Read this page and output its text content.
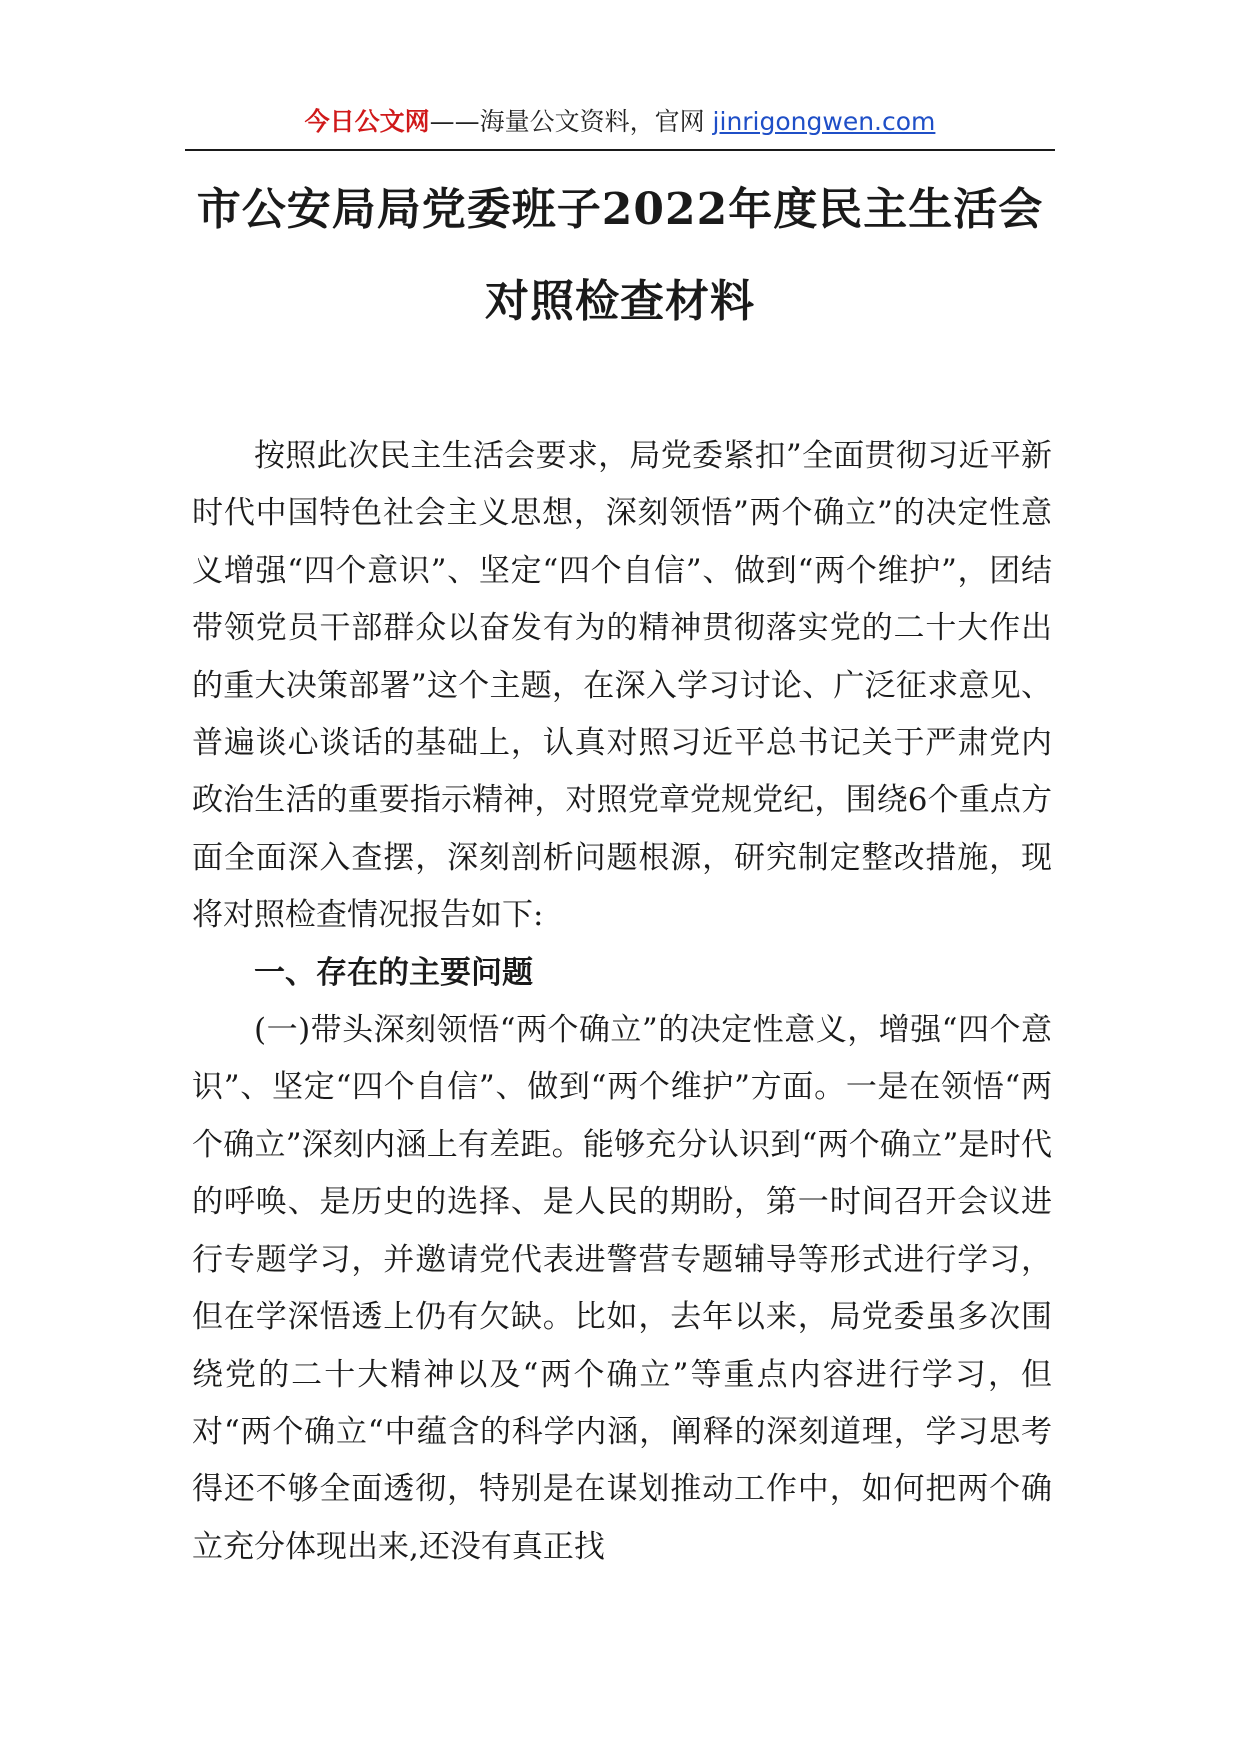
今日公文网——海量公文资料，官网 jinrigongwen.com
市公安局局党委班子2022年度民主生活会
对照检查材料

按照此次民主生活会要求，局党委紧扣”全面贯彻习近平新时代中国特色社会主义思想，深刻领悟”两个确立”的决定性意义增强“四个意识”、坚定“四个自信”、做到“两个维护”，团结带领党员干部群众以奋发有为的精神贯彻落实党的二十大作出的重大决策部署”这个主题，在深入学习讨论、广泛征求意见、普遍谈心谈话的基础上，认真对照习近平总书记关于严肃党内政治生活的重要指示精神，对照党章党规党纪，围绕6个重点方面全面深入查摆，深刻剖析问题根源，研究制定整改措施，现将对照检查情况报告如下:

一、存在的主要问题

(一)带头深刻领悟“两个确立”的决定性意义，增强“四个意识”、坚定“四个自信”、做到“两个维护”方面。一是在领悟“两个确立”深刻内涵上有差距。能够充分认识到“两个确立”是时代的呼唤、是历史的选择、是人民的期盼，第一时间召开会议进行专题学习，并邀请党代表进警营专题辅导等形式进行学习，但在学深悟透上仍有欠缺。比如，去年以来，局党委虽多次围绕党的二十大精神以及“两个确立”等重点内容进行学习，但对“两个确立“中蕴含的科学内涵，阐释的深刻道理，学习思考得还不够全面透彻，特别是在谋划推动工作中，如何把两个确立充分体现出来,还没有真正找
